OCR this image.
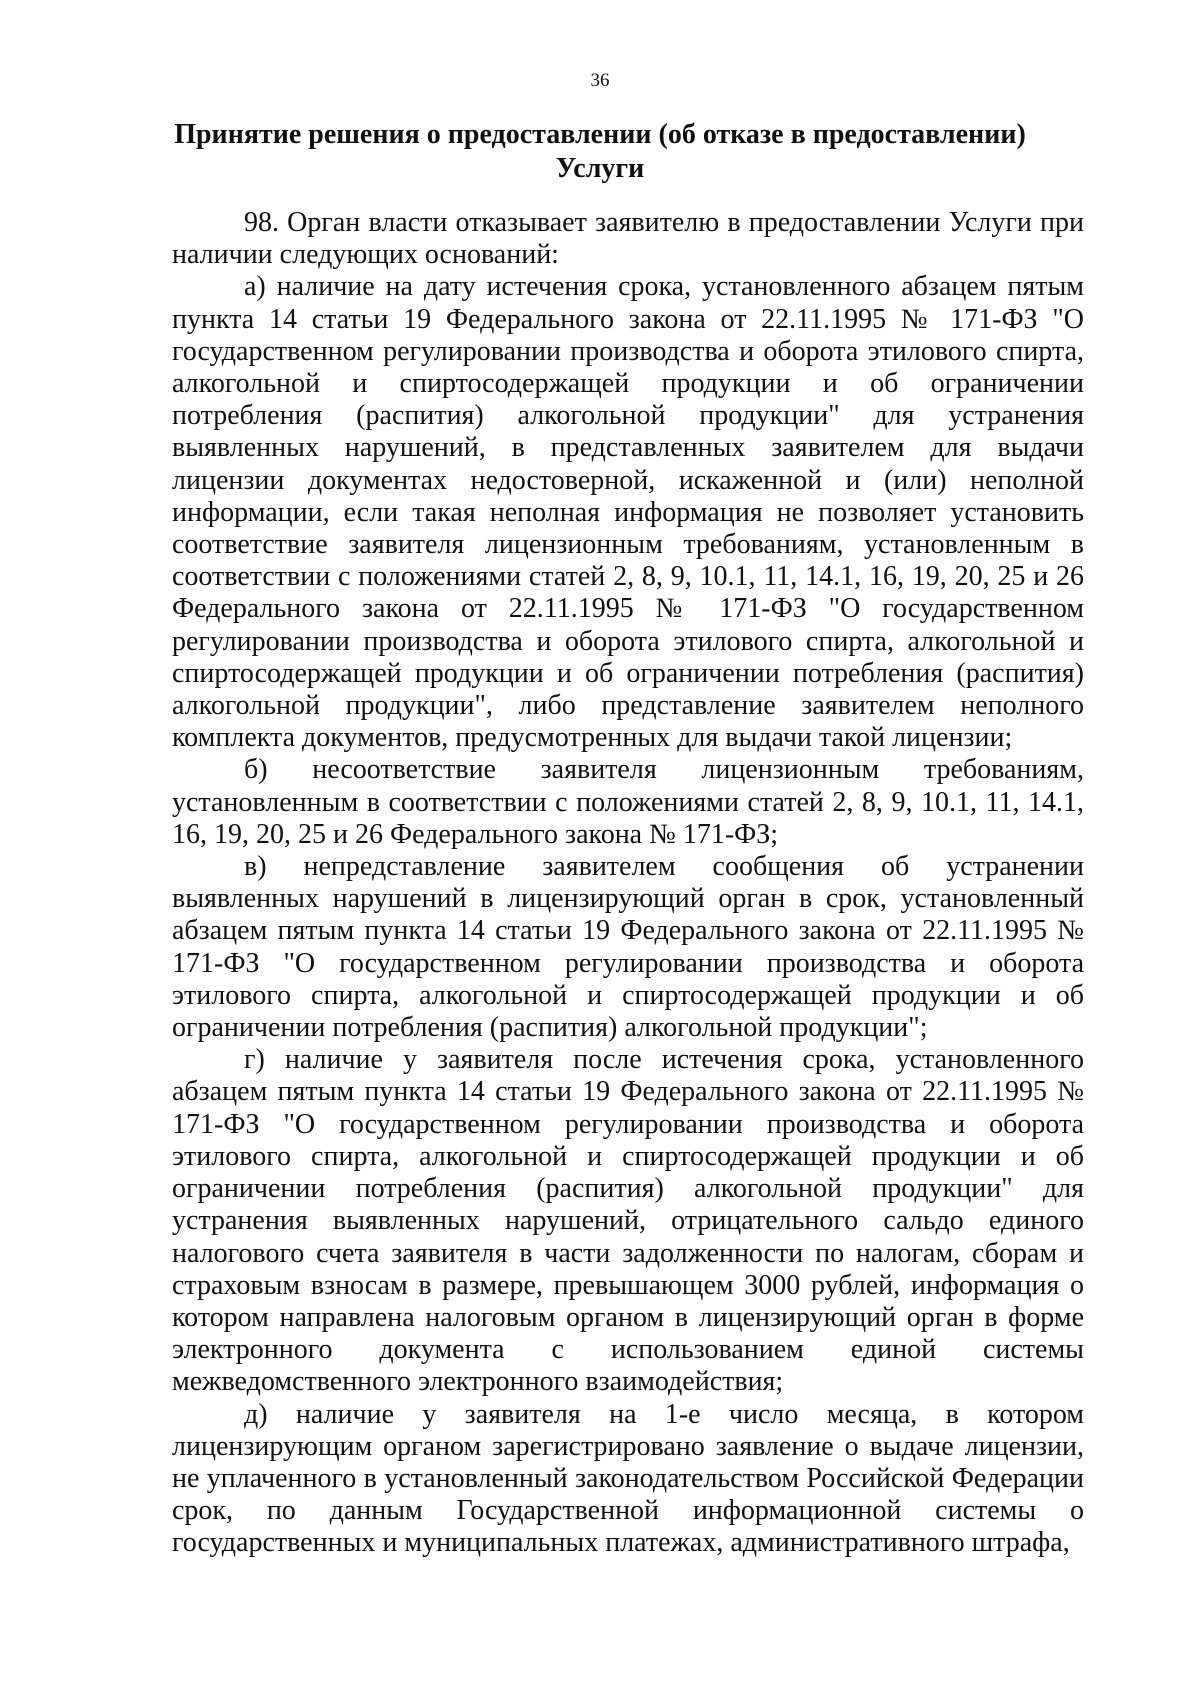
36
Принятие решения о предоставлении (об отказе в предоставлении)
Услуги

98. Орган власти отказывает заявителю в предоставлении Услуги при наличии следующих оснований:

а) наличие на дату истечения срока, установленного абзацем пятым пункта 14 статьи 19 Федерального закона от 22.11.1995 № 171-ФЗ "О государственном регулировании производства и оборота этилового спирта, алкогольной и спиртосодержащей продукции и об ограничении потребления (распития) алкогольной продукции" для устранения выявленных нарушений, в представленных заявителем для выдачи лицензии документах недостоверной, искаженной и (или) неполной информации, если такая неполная информация не позволяет установить соответствие заявителя лицензионным требованиям, установленным в соответствии с положениями статей 2, 8, 9, 10.1, 11, 14.1, 16, 19, 20, 25 и 26 Федерального закона от 22.11.1995 № 171-ФЗ "О государственном регулировании производства и оборота этилового спирта, алкогольной и спиртосодержащей продукции и об ограничении потребления (распития) алкогольной продукции", либо представление заявителем неполного комплекта документов, предусмотренных для выдачи такой лицензии;

б) несоответствие заявителя лицензионным требованиям, установленным в соответствии с положениями статей 2, 8, 9, 10.1, 11, 14.1, 16, 19, 20, 25 и 26 Федерального закона № 171-ФЗ;

в) непредставление заявителем сообщения об устранении выявленных нарушений в лицензирующий орган в срок, установленный абзацем пятым пункта 14 статьи 19 Федерального закона от 22.11.1995 № 171-ФЗ "О государственном регулировании производства и оборота этилового спирта, алкогольной и спиртосодержащей продукции и об ограничении потребления (распития) алкогольной продукции";

г) наличие у заявителя после истечения срока, установленного абзацем пятым пункта 14 статьи 19 Федерального закона от 22.11.1995 № 171-ФЗ "О государственном регулировании производства и оборота этилового спирта, алкогольной и спиртосодержащей продукции и об ограничении потребления (распития) алкогольной продукции" для устранения выявленных нарушений, отрицательного сальдо единого налогового счета заявителя в части задолженности по налогам, сборам и страховым взносам в размере, превышающем 3000 рублей, информация о котором направлена налоговым органом в лицензирующий орган в форме электронного документа с использованием единой системы межведомственного электронного взаимодействия;

д) наличие у заявителя на 1-е число месяца, в котором лицензирующим органом зарегистрировано заявление о выдаче лицензии, не уплаченного в установленный законодательством Российской Федерации срок, по данным Государственной информационной системы о государственных и муниципальных платежах, административного штрафа,
